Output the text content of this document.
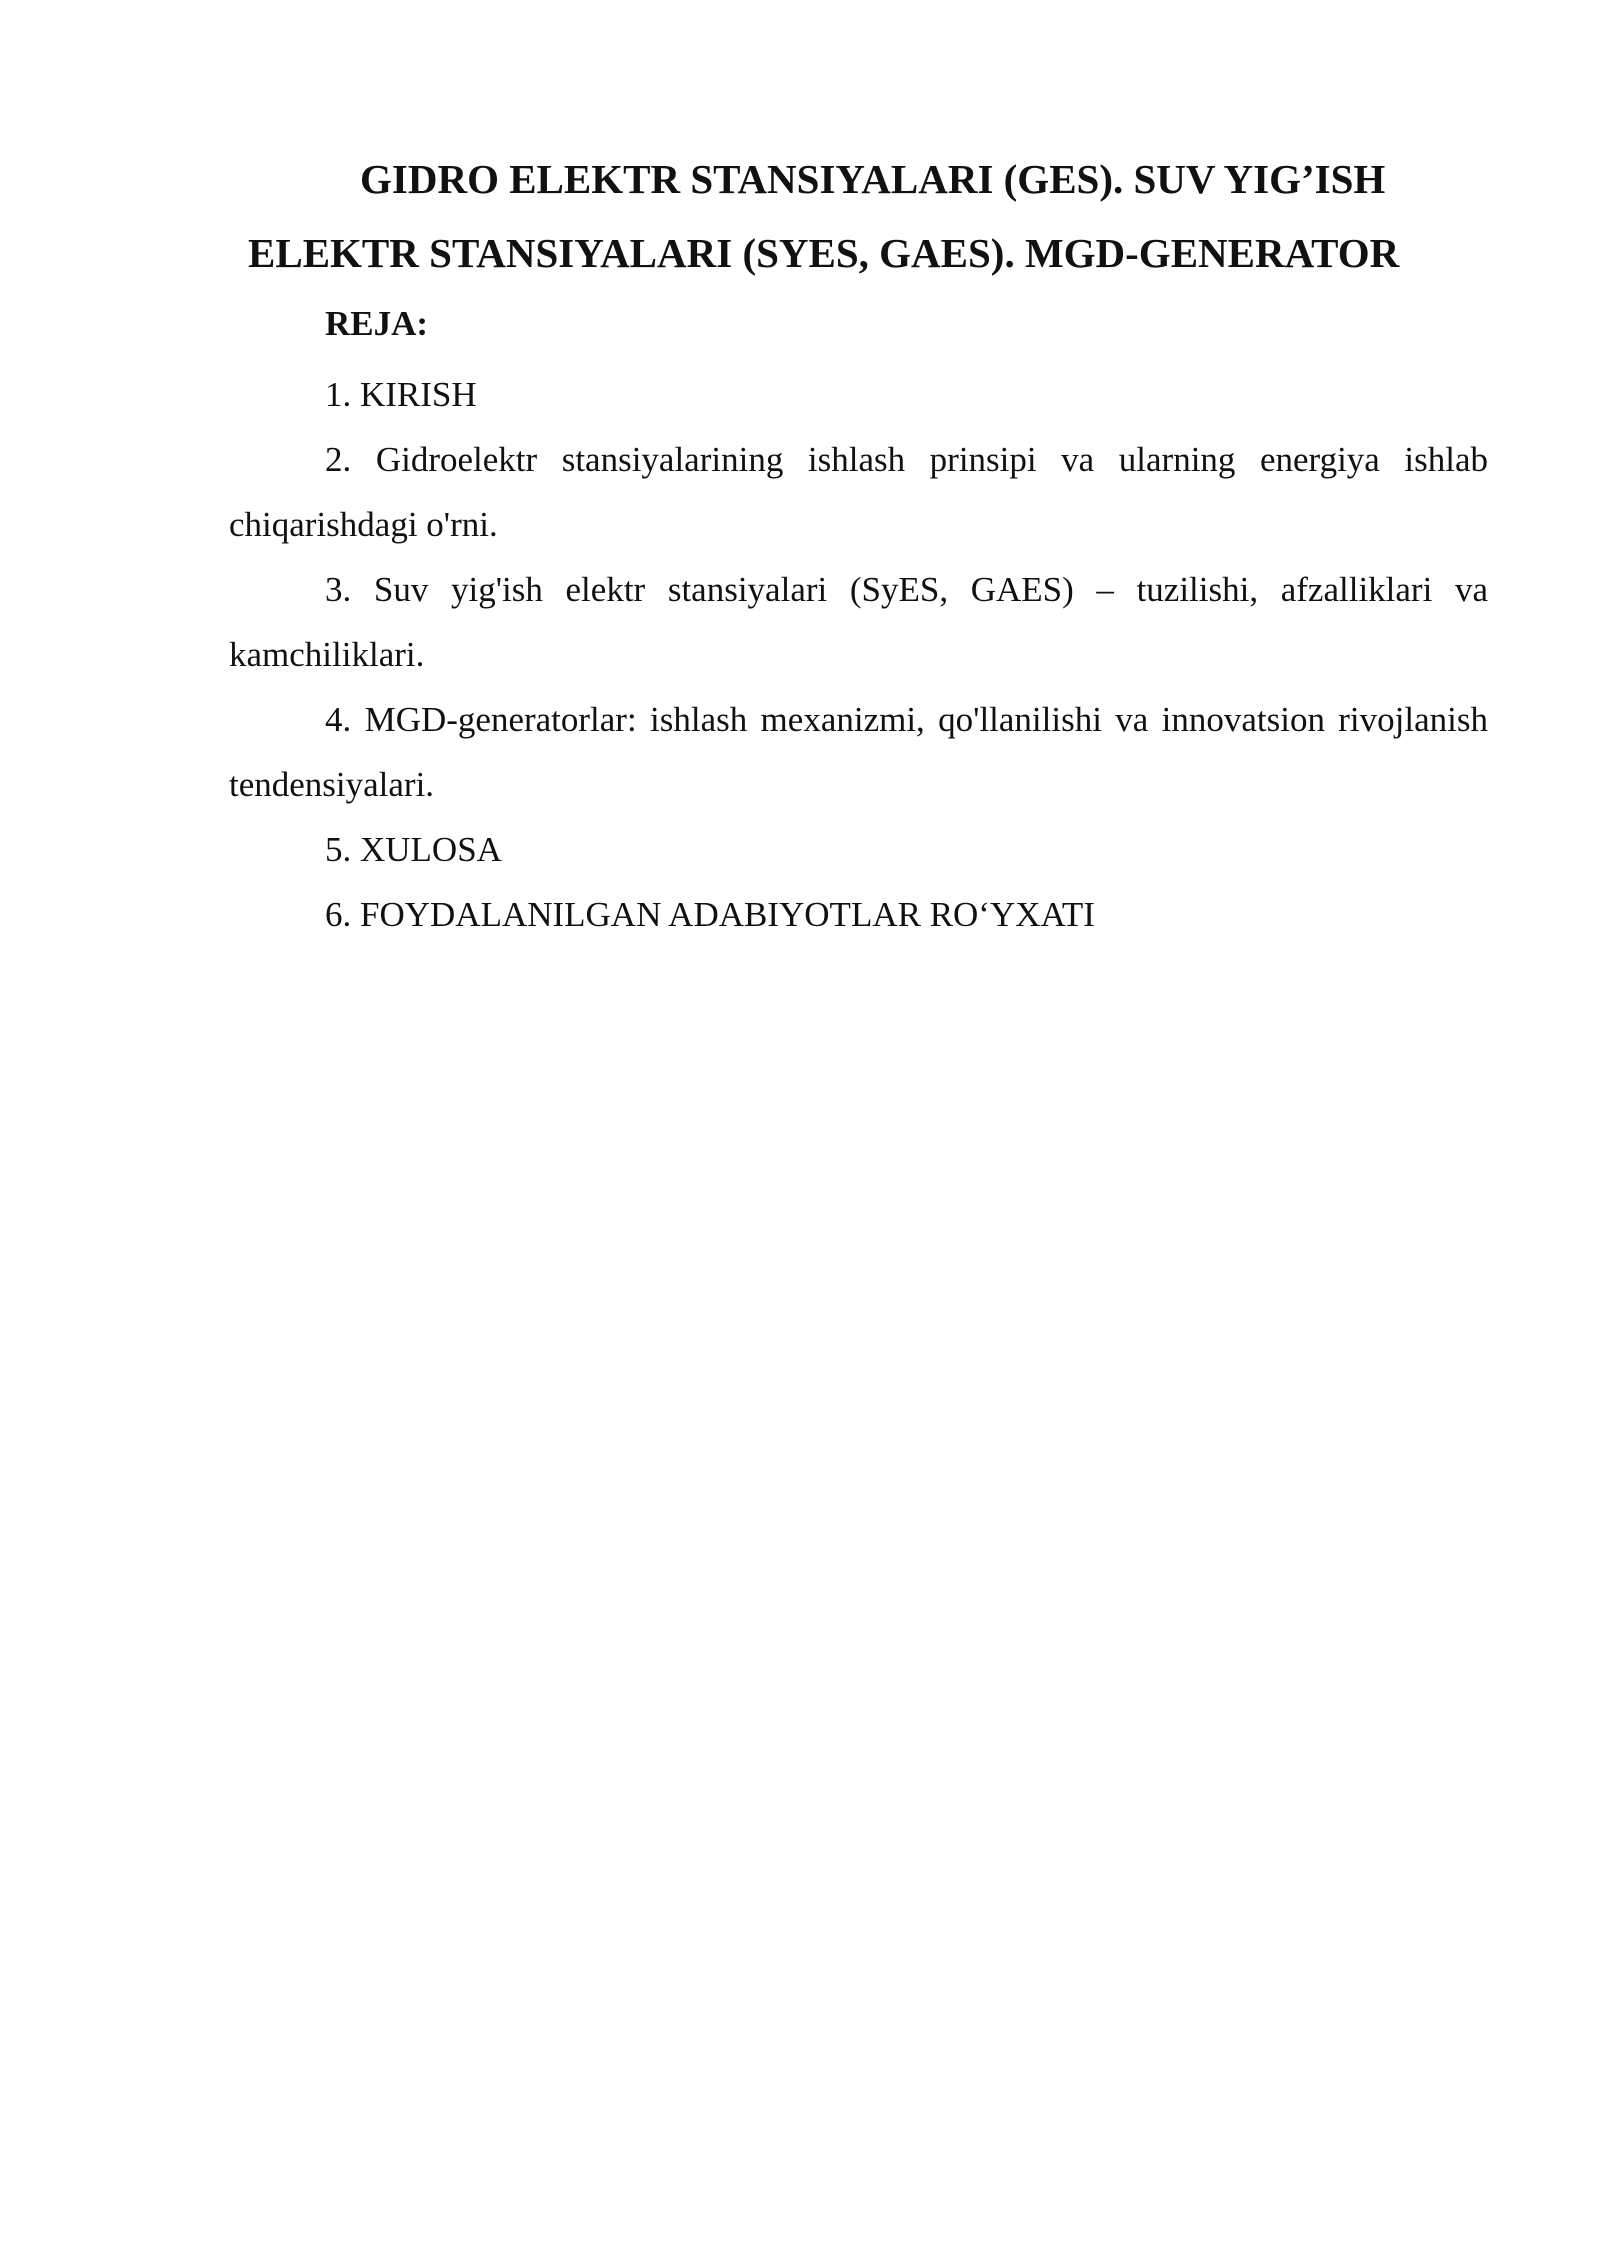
GIDRO ELEKTR STANSIYALARI (GES). SUV YIG’ISH
ELEKTR STANSIYALARI (SYES, GAES). MGD-GENERATOR

REJA:

1. KIRISH
2. Gidroelektr stansiyalarining ishlash prinsipi va ularning energiya ishlab chiqarishdagi o'rni.
3. Suv yig'ish elektr stansiyalari (SyES, GAES) – tuzilishi, afzalliklari va kamchiliklari.
4. MGD-generatorlar: ishlash mexanizmi, qo'llanilishi va innovatsion rivojlanish tendensiyalari.
5. XULOSA
6. FOYDALANILGAN ADABIYOTLAR RO‘YXATI
